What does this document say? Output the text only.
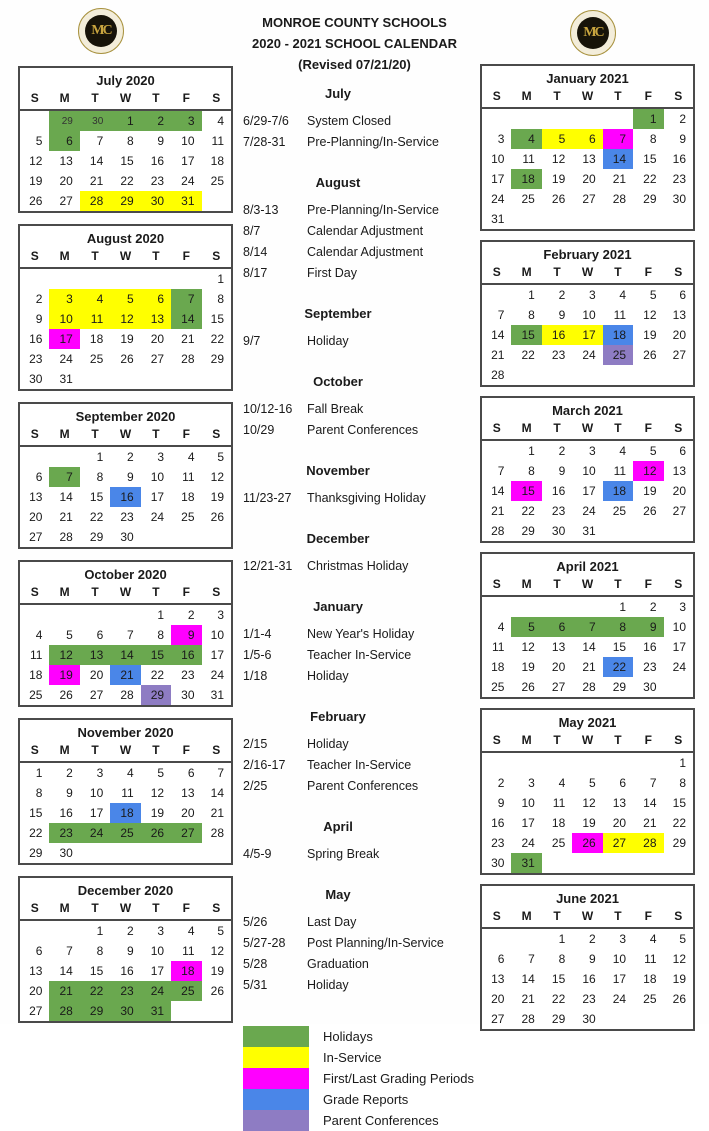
MC
MONROE COUNTY SCHOOLS
2020 - 2021 SCHOOL CALENDAR
(Revised 07/21/20)
MC
July 2020						
S	M	T	W	T	F	S
	29	30	1	2	3	4
5	6	7	8	9	10	11
12	13	14	15	16	17	18
19	20	21	22	23	24	25
26	27	28	29	30	31	
August 2020						
S	M	T	W	T	F	S
						1
2	3	4	5	6	7	8
9	10	11	12	13	14	15
16	17	18	19	20	21	22
23	24	25	26	27	28	29
30	31					
September 2020						
S	M	T	W	T	F	S
		1	2	3	4	5
6	7	8	9	10	11	12
13	14	15	16	17	18	19
20	21	22	23	24	25	26
27	28	29	30			
October 2020						
S	M	T	W	T	F	S
				1	2	3
4	5	6	7	8	9	10
11	12	13	14	15	16	17
18	19	20	21	22	23	24
25	26	27	28	29	30	31
November 2020						
S	M	T	W	T	F	S
1	2	3	4	5	6	7
8	9	10	11	12	13	14
15	16	17	18	19	20	21
22	23	24	25	26	27	28
29	30					
December 2020						
S	M	T	W	T	F	S
		1	2	3	4	5
6	7	8	9	10	11	12
13	14	15	16	17	18	19
20	21	22	23	24	25	26
27	28	29	30	31		
July
6/29-7/6	System Closed
7/28-31	Pre-Planning/In-Service
August
8/3-13	Pre-Planning/In-Service
8/7	Calendar Adjustment
8/14	Calendar Adjustment
8/17	First Day
September
9/7	Holiday
October
10/12-16	Fall Break
10/29	Parent Conferences
November
11/23-27	Thanksgiving Holiday
December
12/21-31	Christmas Holiday
January
1/1-4	New Year's Holiday
1/5-6	Teacher In-Service
1/18	Holiday
February
2/15	Holiday
2/16-17	Teacher In-Service
2/25	Parent Conferences
April
4/5-9	Spring Break
May
5/26	Last Day
5/27-28	Post Planning/In-Service
5/28	Graduation
5/31	Holiday
Holidays
In-Service
First/Last Grading Periods
Grade Reports
Parent Conferences
January 2021						
S	M	T	W	T	F	S
					1	2
3	4	5	6	7	8	9
10	11	12	13	14	15	16
17	18	19	20	21	22	23
24	25	26	27	28	29	30
31						
February 2021						
S	M	T	W	T	F	S
	1	2	3	4	5	6
7	8	9	10	11	12	13
14	15	16	17	18	19	20
21	22	23	24	25	26	27
28						
March 2021						
S	M	T	W	T	F	S
	1	2	3	4	5	6
7	8	9	10	11	12	13
14	15	16	17	18	19	20
21	22	23	24	25	26	27
28	29	30	31			
April 2021						
S	M	T	W	T	F	S
				1	2	3
4	5	6	7	8	9	10
11	12	13	14	15	16	17
18	19	20	21	22	23	24
25	26	27	28	29	30	
May 2021						
S	M	T	W	T	F	S
						1
2	3	4	5	6	7	8
9	10	11	12	13	14	15
16	17	18	19	20	21	22
23	24	25	26	27	28	29
30	31					
June 2021						
S	M	T	W	T	F	S
		1	2	3	4	5
6	7	8	9	10	11	12
13	14	15	16	17	18	19
20	21	22	23	24	25	26
27	28	29	30			
